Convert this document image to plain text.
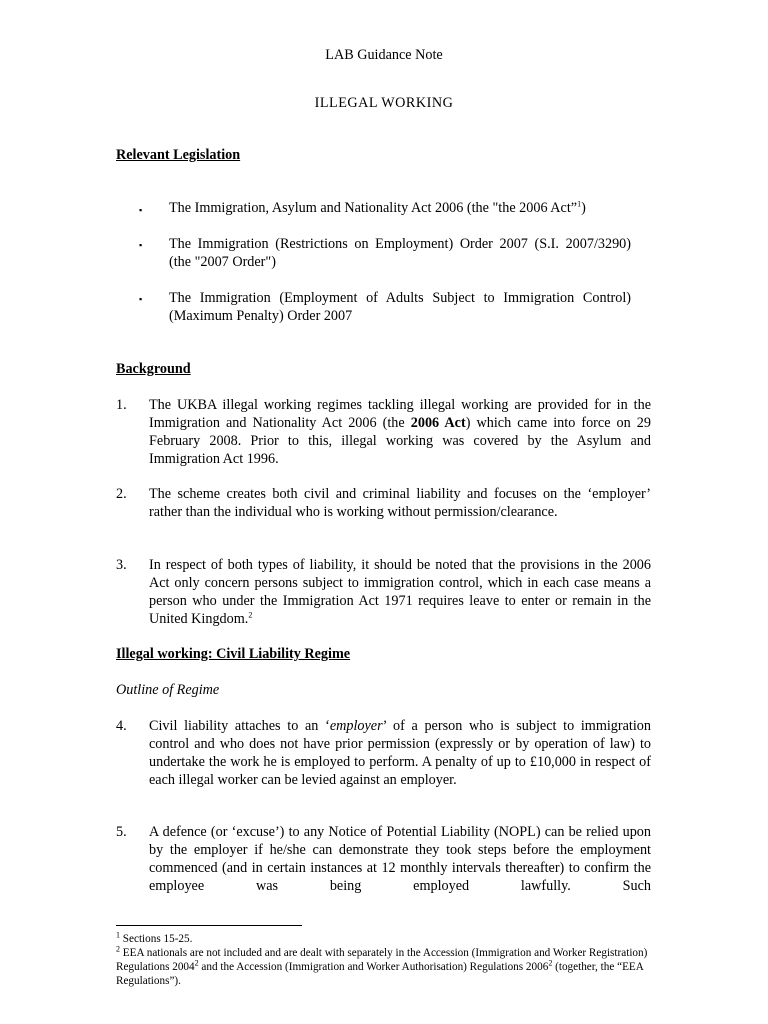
LAB Guidance Note
ILLEGAL WORKING
Relevant Legislation
▪ The Immigration, Asylum and Nationality Act 2006 (the "the 2006 Act”$^1$)
▪ The Immigration (Restrictions on Employment) Order 2007 (S.I. 2007/3290) (the "2007 Order")
▪ The Immigration (Employment of Adults Subject to Immigration Control) (Maximum Penalty) Order 2007
Background
1. The UKBA illegal working regimes tackling illegal working are provided for in the Immigration and Nationality Act 2006 (the 2006 Act) which came into force on 29 February 2008. Prior to this, illegal working was covered by the Asylum and Immigration Act 1996.
2. The scheme creates both civil and criminal liability and focuses on the ‘employer’ rather than the individual who is working without permission/clearance.
3. In respect of both types of liability, it should be noted that the provisions in the 2006 Act only concern persons subject to immigration control, which in each case means a person who under the Immigration Act 1971 requires leave to enter or remain in the United Kingdom.$^2$
Illegal working: Civil Liability Regime
Outline of Regime
4. Civil liability attaches to an ‘employer’ of a person who is subject to immigration control and who does not have prior permission (expressly or by operation of law) to undertake the work he is employed to perform. A penalty of up to £10,000 in respect of each illegal worker can be levied against an employer.
5. A defence (or ‘excuse’) to any Notice of Potential Liability (NOPL) can be relied upon by the employer if he/she can demonstrate they took steps before the employment commenced (and in certain instances at 12 monthly intervals thereafter) to confirm the employee was being employed lawfully. Such
$^1$ Sections 15-25.
$^2$ EEA nationals are not included and are dealt with separately in the Accession (Immigration and Worker Registration) Regulations 2004$^2$ and the Accession (Immigration and Worker Authorisation) Regulations 2006$^2$ (together, the “EEA Regulations”).
